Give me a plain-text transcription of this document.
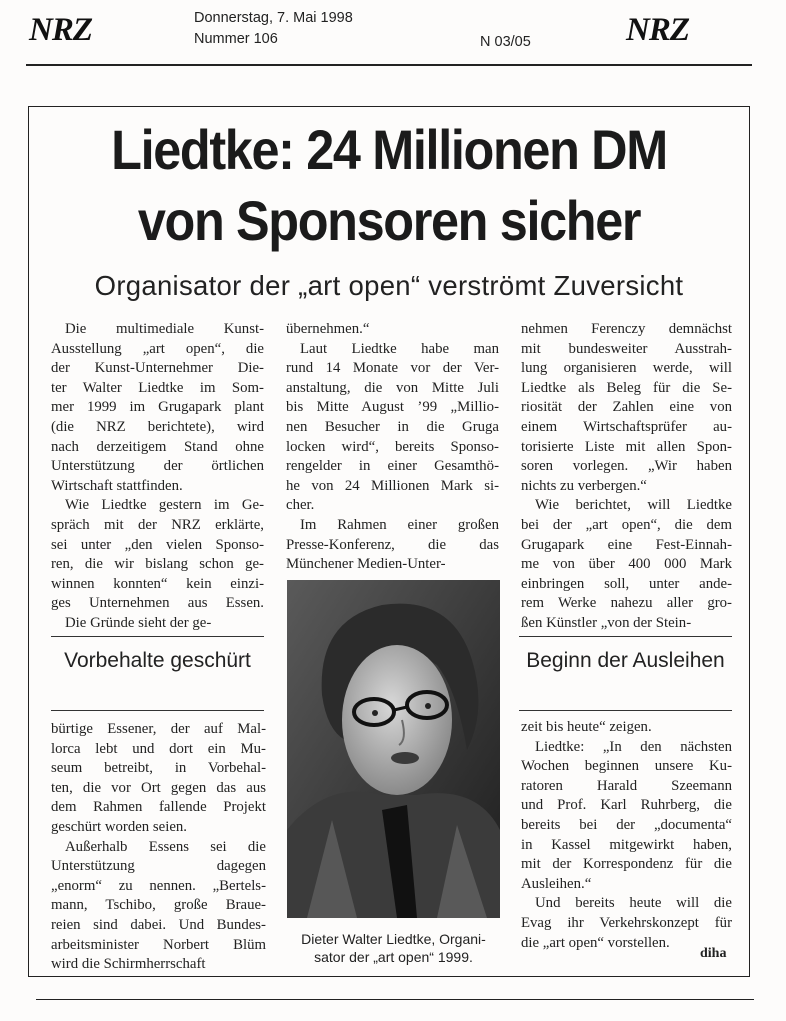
NRZ	Donnerstag, 7. Mai 1998
Nummer 106	N 03/05	NRZ
Liedtke: 24 Millionen DM
von Sponsoren sicher
Organisator der „art open“ verströmt Zuversicht
Die multimediale Kunst-
Ausstellung „art open“, die
der Kunst-Unternehmer Die-
ter Walter Liedtke im Som-
mer 1999 im Grugapark plant
(die NRZ berichtete), wird
nach derzeitigem Stand ohne
Unterstützung der örtlichen
Wirtschaft stattfinden.
Wie Liedtke gestern im Ge-
spräch mit der NRZ erklärte,
sei unter „den vielen Sponso-
ren, die wir bislang schon ge-
winnen konnten“ kein einzi-
ges Unternehmen aus Essen.
Die Gründe sieht der ge-
Vorbehalte geschürt
bürtige Essener, der auf Mal-
lorca lebt und dort ein Mu-
seum betreibt, in Vorbehal-
ten, die vor Ort gegen das aus
dem Rahmen fallende Projekt
geschürt worden seien.
Außerhalb Essens sei die
Unterstützung dagegen
„enorm“ zu nennen. „Bertels-
mann, Tschibo, große Braue-
reien sind dabei. Und Bundes-
arbeitsminister Norbert Blüm
wird die Schirmherrschaft
übernehmen.“
Laut Liedtke habe man
rund 14 Monate vor der Ver-
anstaltung, die von Mitte Juli
bis Mitte August ’99 „Millio-
nen Besucher in die Gruga
locken wird“, bereits Sponso-
rengelder in einer Gesamthö-
he von 24 Millionen Mark si-
cher.
Im Rahmen einer großen
Presse-Konferenz, die das
Münchener Medien-Unter-
Dieter Walter Liedtke, Organi-
sator der „art open“ 1999.
nehmen Ferenczy demnächst
mit bundesweiter Ausstrah-
lung organisieren werde, will
Liedtke als Beleg für die Se-
riosität der Zahlen eine von
einem Wirtschaftsprüfer au-
torisierte Liste mit allen Spon-
soren vorlegen. „Wir haben
nichts zu verbergen.“
Wie berichtet, will Liedtke
bei der „art open“, die dem
Grugapark eine Fest-Einnah-
me von über 400 000 Mark
einbringen soll, unter ande-
rem Werke nahezu aller gro-
ßen Künstler „von der Stein-
Beginn der Ausleihen
zeit bis heute“ zeigen.
Liedtke: „In den nächsten
Wochen beginnen unsere Ku-
ratoren Harald Szeemann
und Prof. Karl Ruhrberg, die
bereits bei der „documenta“
in Kassel mitgewirkt haben,
mit der Korrespondenz für die
Ausleihen.“
Und bereits heute will die
Evag ihr Verkehrskonzept für
die „art open“ vorstellen.
diha
